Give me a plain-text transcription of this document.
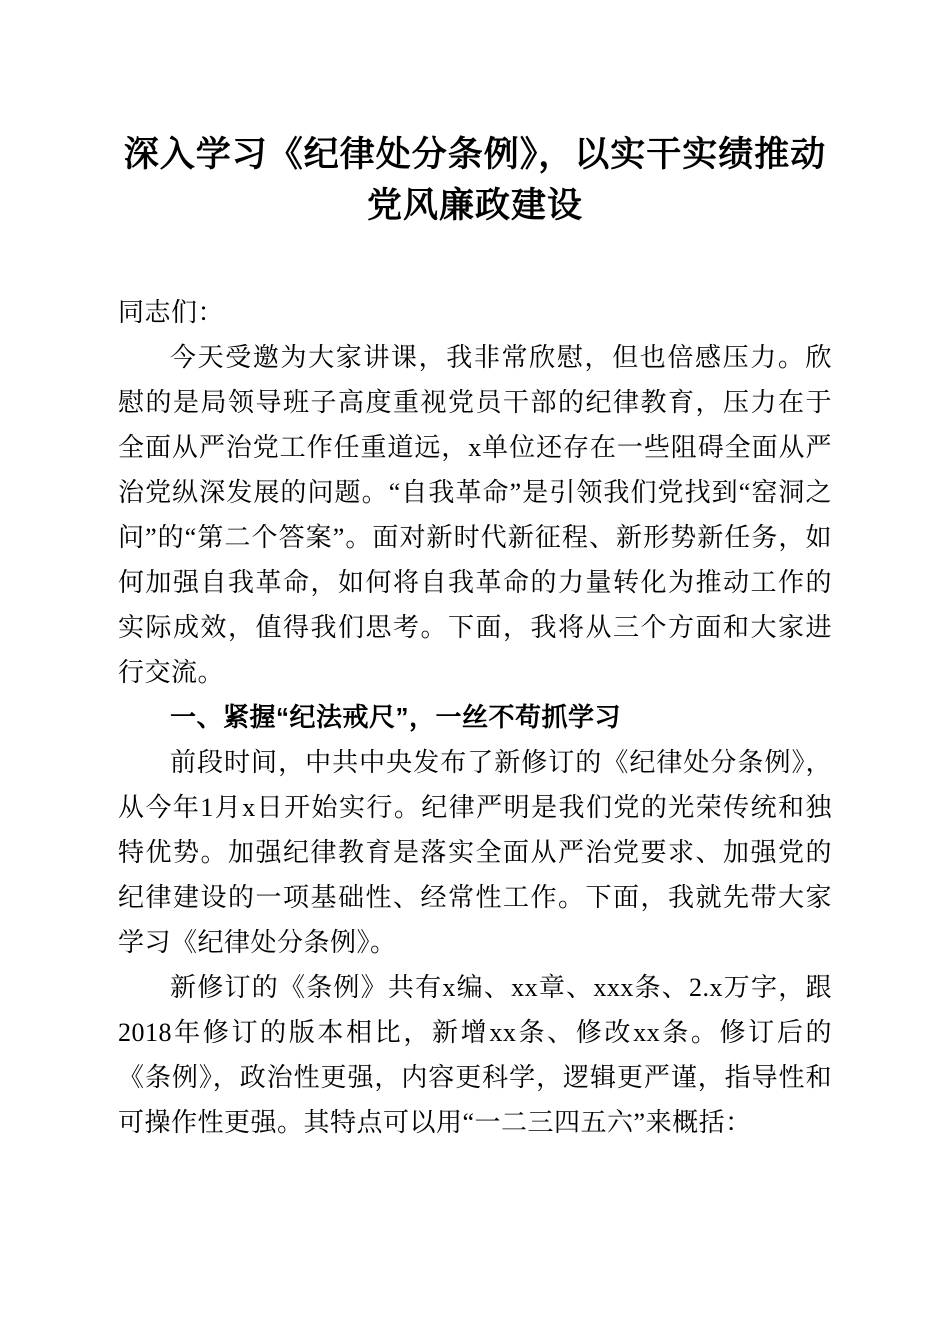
深入学习《纪律处分条例》，以实干实绩推动党风廉政建设

同志们：

今天受邀为大家讲课，我非常欣慰，但也倍感压力。欣慰的是局领导班子高度重视党员干部的纪律教育，压力在于全面从严治党工作任重道远，x单位还存在一些阻碍全面从严治党纵深发展的问题。“自我革命”是引领我们党找到“窑洞之问”的“第二个答案”。面对新时代新征程、新形势新任务，如何加强自我革命，如何将自我革命的力量转化为推动工作的实际成效，值得我们思考。下面，我将从三个方面和大家进行交流。

一、紧握“纪法戒尺”，一丝不苟抓学习

前段时间，中共中央发布了新修订的《纪律处分条例》，从今年1月x日开始实行。纪律严明是我们党的光荣传统和独特优势。加强纪律教育是落实全面从严治党要求、加强党的纪律建设的一项基础性、经常性工作。下面，我就先带大家学习《纪律处分条例》。

新修订的《条例》共有x编、xx章、xxx条、2.x万字，跟2018年修订的版本相比，新增xx条、修改xx条。修订后的《条例》，政治性更强，内容更科学，逻辑更严谨，指导性和可操作性更强。其特点可以用“一二三四五六”来概括：
